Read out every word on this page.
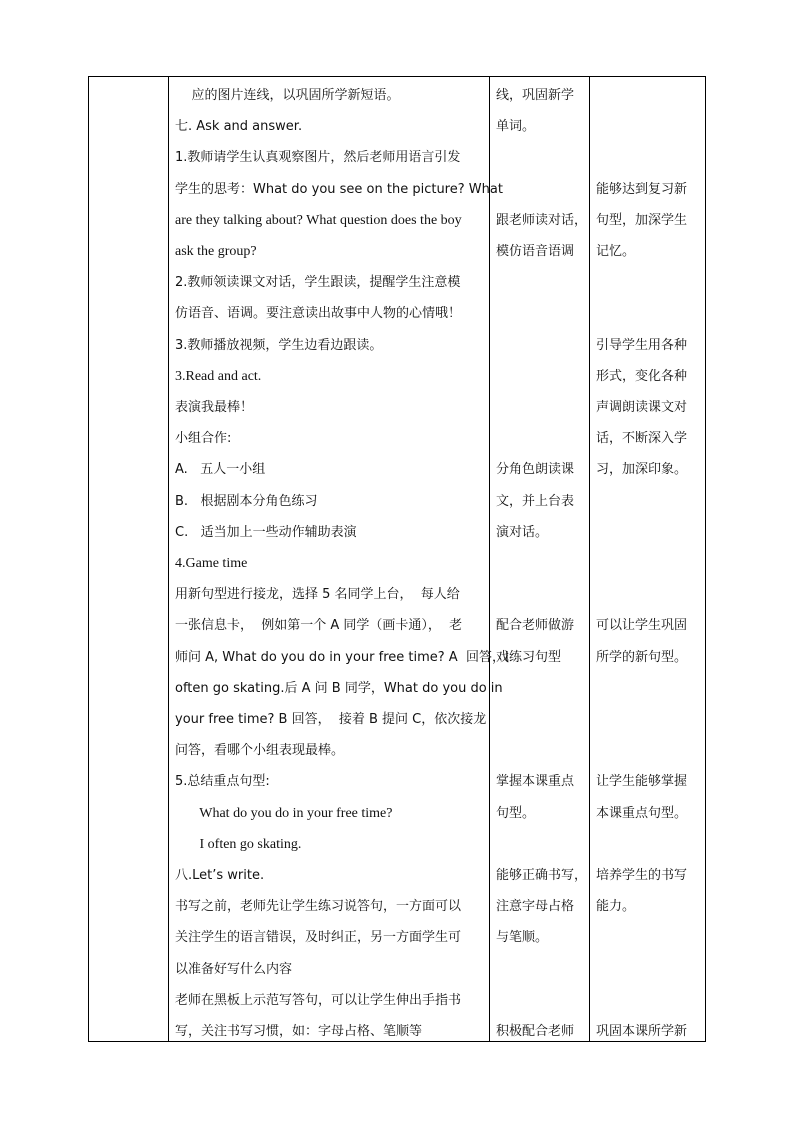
应的图片连线，以巩固所学新短语。
七. Ask and answer.
1.教师请学生认真观察图片，然后老师用语言引发
学生的思考：What do you see on the picture? What
are they talking about? What question does the boy
ask the group?
2.教师领读课文对话，学生跟读，提醒学生注意模
仿语音、语调。要注意读出故事中人物的心情哦！
3.教师播放视频，学生边看边跟读。
3.Read and act.
表演我最棒！
小组合作:
A.   五人一小组
B.   根据剧本分角色练习
C.   适当加上一些动作辅助表演
4.Game time
用新句型进行接龙，选择 5 名同学上台，  每人给
一张信息卡，  例如第一个 A 同学（画卡通），  老
师问 A, What do you do in your free time? A  回答，I
often go skating.后 A 问 B 同学，What do you do in
your free time? B 回答，  接着 B 提问 C，依次接龙
问答，看哪个小组表现最棒。
5.总结重点句型:
What do you do in your free time?
I often go skating.
八.Let’s write.
书写之前，老师先让学生练习说答句，一方面可以
关注学生的语言错误，及时纠正，另一方面学生可
以准备好写什么内容
老师在黑板上示范写答句，可以让学生伸出手指书
写，关注书写习惯，如：字母占格、笔顺等
线，巩固新学
单词。
跟老师读对话，
模仿语音语调
分角色朗读课
文，并上台表
演对话。
配合老师做游
戏练习句型
掌握本课重点
句型。
能够正确书写，
注意字母占格
与笔顺。
积极配合老师
能够达到复习新
句型，加深学生
记忆。
引导学生用各种
形式，变化各种
声调朗读课文对
话，不断深入学
习，加深印象。
可以让学生巩固
所学的新句型。
让学生能够掌握
本课重点句型。
培养学生的书写
能力。
巩固本课所学新
